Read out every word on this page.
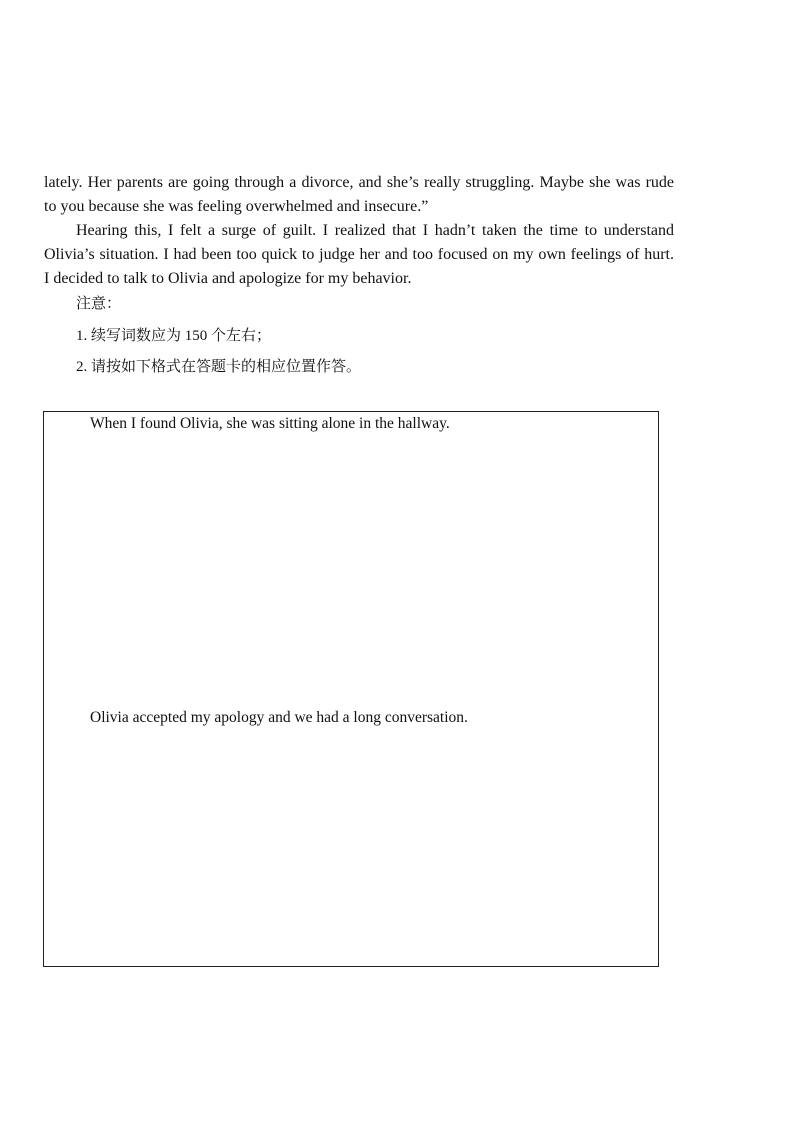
lately. Her parents are going through a divorce, and she’s really struggling. Maybe she was rude
to you because she was feeling overwhelmed and insecure.”
Hearing this, I felt a surge of guilt. I realized that I hadn’t taken the time to understand
Olivia’s situation. I had been too quick to judge her and too focused on my own feelings of hurt.
I decided to talk to Olivia and apologize for my behavior.
注意：
1. 续写词数应为 150 个左右；
2. 请按如下格式在答题卡的相应位置作答。
When I found Olivia, she was sitting alone in the hallway.
Olivia accepted my apology and we had a long conversation.
